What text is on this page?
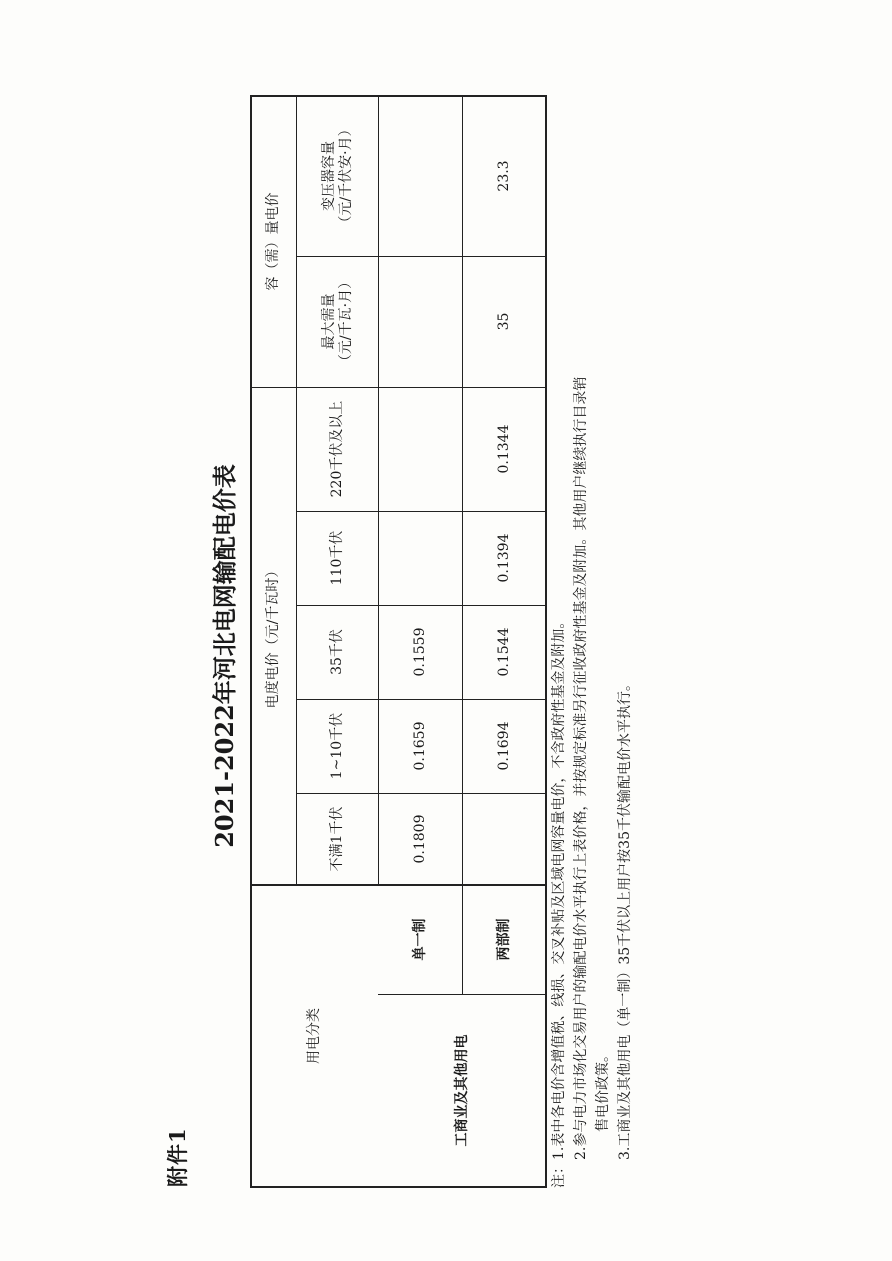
附件1
2021-2022年河北电网输配电价表
用电分类
电度电价（元/千瓦时）
容（需）量电价
不满1千伏
1~10千伏
35千伏
110千伏
220千伏及以上
最大需量 （元/千瓦·月）
变压器容量 （元/千伏安·月）
工商业及其他用电
单一制
0.1809
0.1659
0.1559
两部制
0.1694
0.1544
0.1394
0.1344
35
23.3
注：1.表中各电价含增值税、线损、交叉补贴及区域电网容量电价，不含政府性基金及附加。 2.参与电力市场化交易用户的输配电价水平执行上表价格，并按规定标准另行征收政府性基金及附加。其他用户继续执行目录销 售电价政策。 3.工商业及其他用电（单一制）35千伏以上用户按35千伏输配电价水平执行。
